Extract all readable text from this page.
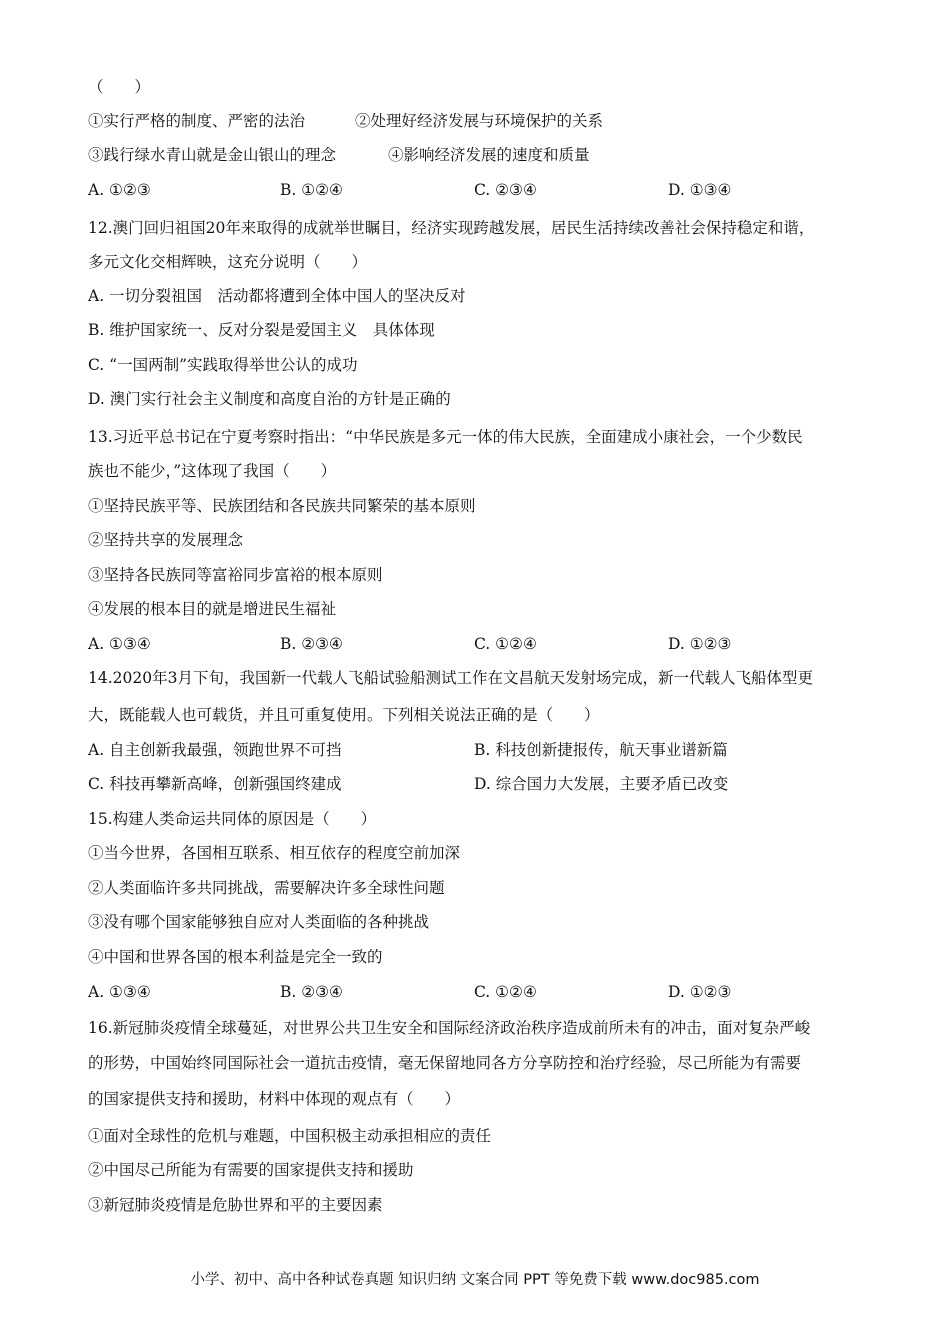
（　　）
①实行严格的制度、严密的法治	②处理好经济发展与环境保护的关系
③践行绿水青山就是金山银山的理念	④影响经济发展的速度和质量
A. ①②③	B. ①②④	C. ②③④	D. ①③④
12.澳门回归祖国20年来取得的成就举世瞩目，经济实现跨越发展，居民生活持续改善社会保持稳定和谐，
多元文化交相辉映，这充分说明（　　）
A. 一切分裂祖国　活动都将遭到全体中国人的坚决反对
B. 维护国家统一、反对分裂是爱国主义　具体体现
C. “一国两制”实践取得举世公认的成功
D. 澳门实行社会主义制度和高度自治的方针是正确的
13.习近平总书记在宁夏考察时指出：“中华民族是多元一体的伟大民族，全面建成小康社会，一个少数民
族也不能少，”这体现了我国（　　）
①坚持民族平等、民族团结和各民族共同繁荣的基本原则
②坚持共享的发展理念
③坚持各民族同等富裕同步富裕的根本原则
④发展的根本目的就是增进民生福祉
A. ①③④	B. ②③④	C. ①②④	D. ①②③
14.2020年3月下旬，我国新一代载人飞船试验船测试工作在文昌航天发射场完成，新一代载人飞船体型更
大，既能载人也可载货，并且可重复使用。下列相关说法正确的是（　　）
A. 自主创新我最强，领跑世界不可挡	B. 科技创新捷报传，航天事业谱新篇
C. 科技再攀新高峰，创新强国终建成	D. 综合国力大发展，主要矛盾已改变
15.构建人类命运共同体的原因是（　　）
①当今世界，各国相互联系、相互依存的程度空前加深
②人类面临许多共同挑战，需要解决许多全球性问题
③没有哪个国家能够独自应对人类面临的各种挑战
④中国和世界各国的根本利益是完全一致的
A. ①③④	B. ②③④	C. ①②④	D. ①②③
16.新冠肺炎疫情全球蔓延，对世界公共卫生安全和国际经济政治秩序造成前所未有的冲击，面对复杂严峻
的形势，中国始终同国际社会一道抗击疫情，毫无保留地同各方分享防控和治疗经验，尽己所能为有需要
的国家提供支持和援助，材料中体现的观点有（　　）
①面对全球性的危机与难题，中国积极主动承担相应的责任
②中国尽己所能为有需要的国家提供支持和援助
③新冠肺炎疫情是危胁世界和平的主要因素
小学、初中、高中各种试卷真题 知识归纳 文案合同 PPT 等免费下载 www.doc985.com
